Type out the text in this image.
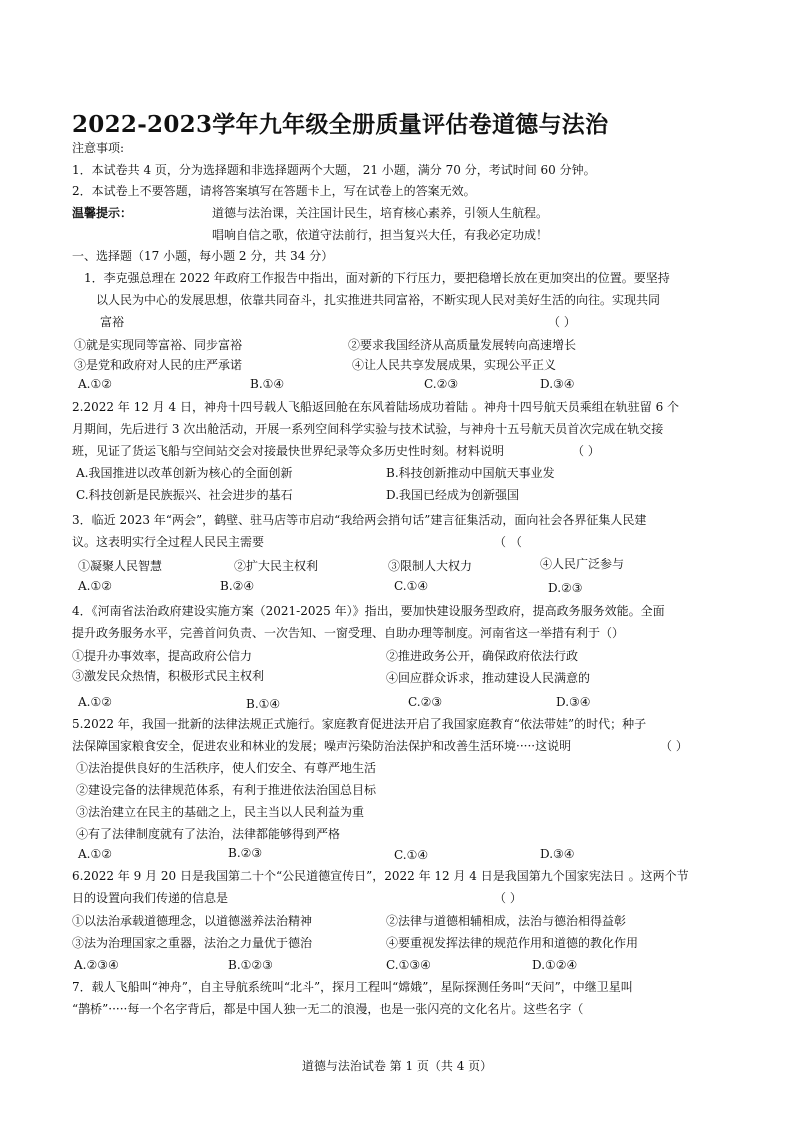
2022-2023学年九年级全册质量评估卷道德与法治
注意事项:
1．本试卷共 4 页，分为选择题和非选择题两个大题， 21 小题，满分 70 分，考试时间 60 分钟。
2．本试卷上不要答题，请将答案填写在答题卡上，写在试卷上的答案无效。
温馨提示：	道德与法治课，关注国计民生，培育核心素养，引领人生航程。
唱响自信之歌，依道守法前行，担当复兴大任，有我必定功成！
一、选择题（17 小题，每小题 2 分，共 34 分）
1．李克强总理在 2022 年政府工作报告中指出，面对新的下行压力，要把稳增长放在更加突出的位置。要坚持
以人民为中心的发展思想，依靠共同奋斗，扎实推进共同富裕，不断实现人民对美好生活的向往。实现共同
富裕	（ ）
①就是实现同等富裕、同步富裕	②要求我国经济从高质量发展转向高速增长
③是党和政府对人民的庄严承诺	④让人民共享发展成果，实现公平正义
A.①②	B.①④	C.②③	D.③④
2.2022 年 12 月 4 日，神舟十四号载人飞船返回舱在东风着陆场成功着陆 。神舟十四号航天员乘组在轨驻留 6 个
月期间，先后进行 3 次出舱活动，开展一系列空间科学实验与技术试验，与神舟十五号航天员首次完成在轨交接
班，见证了货运飞船与空间站交会对接最快世界纪录等众多历史性时刻。材料说明	（ ）
A.我国推进以改革创新为核心的全面创新	B.科技创新推动中国航天事业发
C.科技创新是民族振兴、社会进步的基石	D.我国已经成为创新强国
3．临近 2023 年“两会”，鹤壁、驻马店等市启动“我给两会捎句话”建言征集活动，面向社会各界征集人民建
议。这表明实行全过程人民民主需要	（ （
①凝聚人民智慧	②扩大民主权利	③限制人大权力	④人民广泛参与
A.①②	B.②④	C.①④	D.②③
4．《河南省法治政府建设实施方案（2021-2025 年）》指出，要加快建设服务型政府，提高政务服务效能。全面
提升政务服务水平，完善首问负责、一次告知、一窗受理、自助办理等制度。河南省这一举措有利于（）
①提升办事效率，提高政府公信力	②推进政务公开，确保政府依法行政
③激发民众热情，积极形式民主权利	④回应群众诉求，推动建设人民满意的
A.①②	B.①④	C.②③	D.③④
5.2022 年，我国一批新的法律法规正式施行。家庭教育促进法开启了我国家庭教育“依法带娃”的时代；种子
法保障国家粮食安全，促进农业和林业的发展；噪声污染防治法保护和改善生活环境·····这说明	（ ）
①法治提供良好的生活秩序，使人们安全、有尊严地生活
②建设完备的法律规范体系，有利于推进依法治国总目标
③法治建立在民主的基础之上，民主当以人民利益为重
④有了法律制度就有了法治，法律都能够得到严格
A.①②	B.②③	C.①④	D.③④
6.2022 年 9 月 20 日是我国第二十个“公民道德宣传日”，2022 年 12 月 4 日是我国第九个国家宪法日 。这两个节
日的设置向我们传递的信息是	（ ）
①以法治承载道德理念，以道德滋养法治精神	②法律与道德相辅相成，法治与德治相得益彰
③法为治理国家之重器，法治之力量优于德治	④要重视发挥法律的规范作用和道德的教化作用
A.②③④	B.①②③	C.①③④	D.①②④
7．载人飞船叫“神舟”，自主导航系统叫“北斗”，探月工程叫“嫦娥”，星际探测任务叫“天问”，中继卫星叫
“鹊桥”·····每一个名字背后，都是中国人独一无二的浪漫，也是一张闪亮的文化名片。这些名字（
道德与法治试卷 第 1 页（共 4 页）
